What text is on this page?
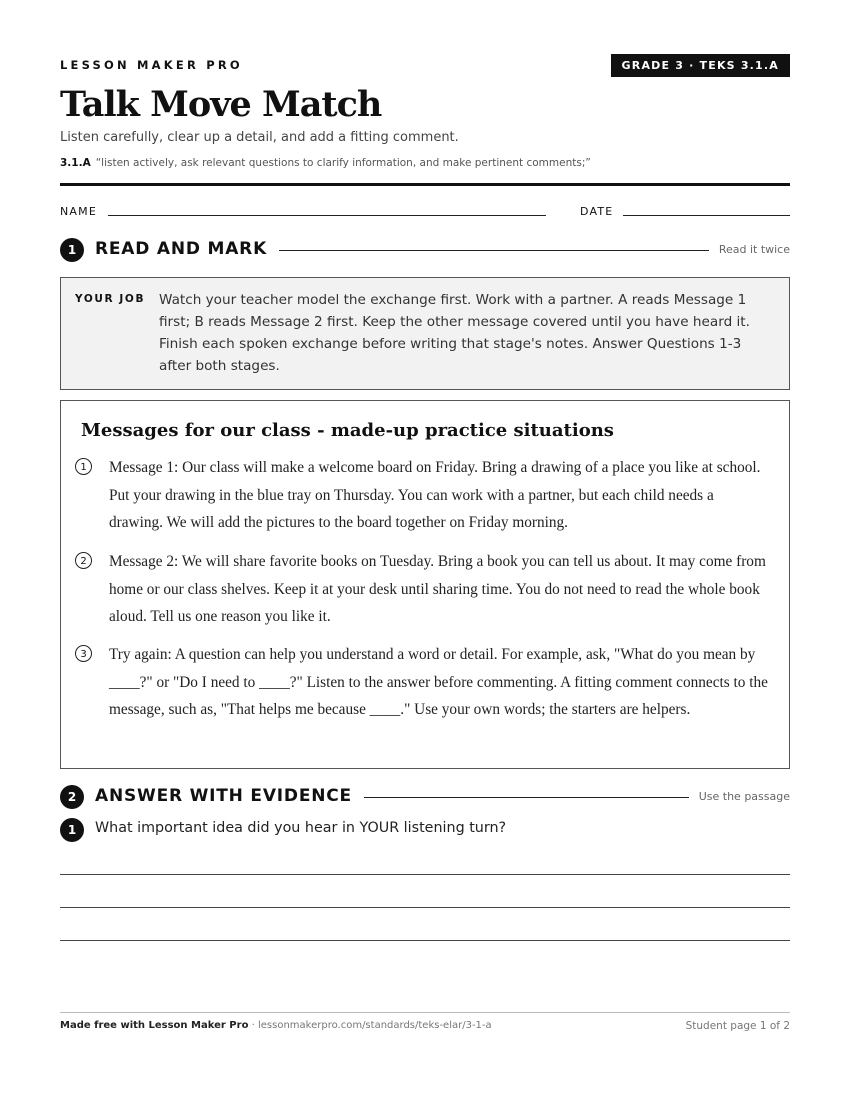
LESSON MAKER PRO	GRADE 3 · TEKS 3.1.A
Talk Move Match
Listen carefully, clear up a detail, and add a fitting comment.
3.1.A “listen actively, ask relevant questions to clarify information, and make pertinent comments;”
NAME	DATE
1	READ AND MARK	Read it twice
YOUR JOB Watch your teacher model the exchange first. Work with a partner. A reads Message 1 first; B reads Message 2 first. Keep the other message covered until you have heard it. Finish each spoken exchange before writing that stage's notes. Answer Questions 1-3 after both stages.
Messages for our class - made-up practice situations
1	Message 1: Our class will make a welcome board on Friday. Bring a drawing of a place you like at school. Put your drawing in the blue tray on Thursday. You can work with a partner, but each child needs a drawing. We will add the pictures to the board together on Friday morning.
2	Message 2: We will share favorite books on Tuesday. Bring a book you can tell us about. It may come from home or our class shelves. Keep it at your desk until sharing time. You do not need to read the whole book aloud. Tell us one reason you like it.
3	Try again: A question can help you understand a word or detail. For example, ask, "What do you mean by ____?" or "Do I need to ____?" Listen to the answer before commenting. A fitting comment connects to the message, such as, "That helps me because ____." Use your own words; the starters are helpers.
2	ANSWER WITH EVIDENCE	Use the passage
1	What important idea did you hear in YOUR listening turn?
Made free with Lesson Maker Pro · lessonmakerpro.com/standards/teks-elar/3-1-a	Student page 1 of 2
